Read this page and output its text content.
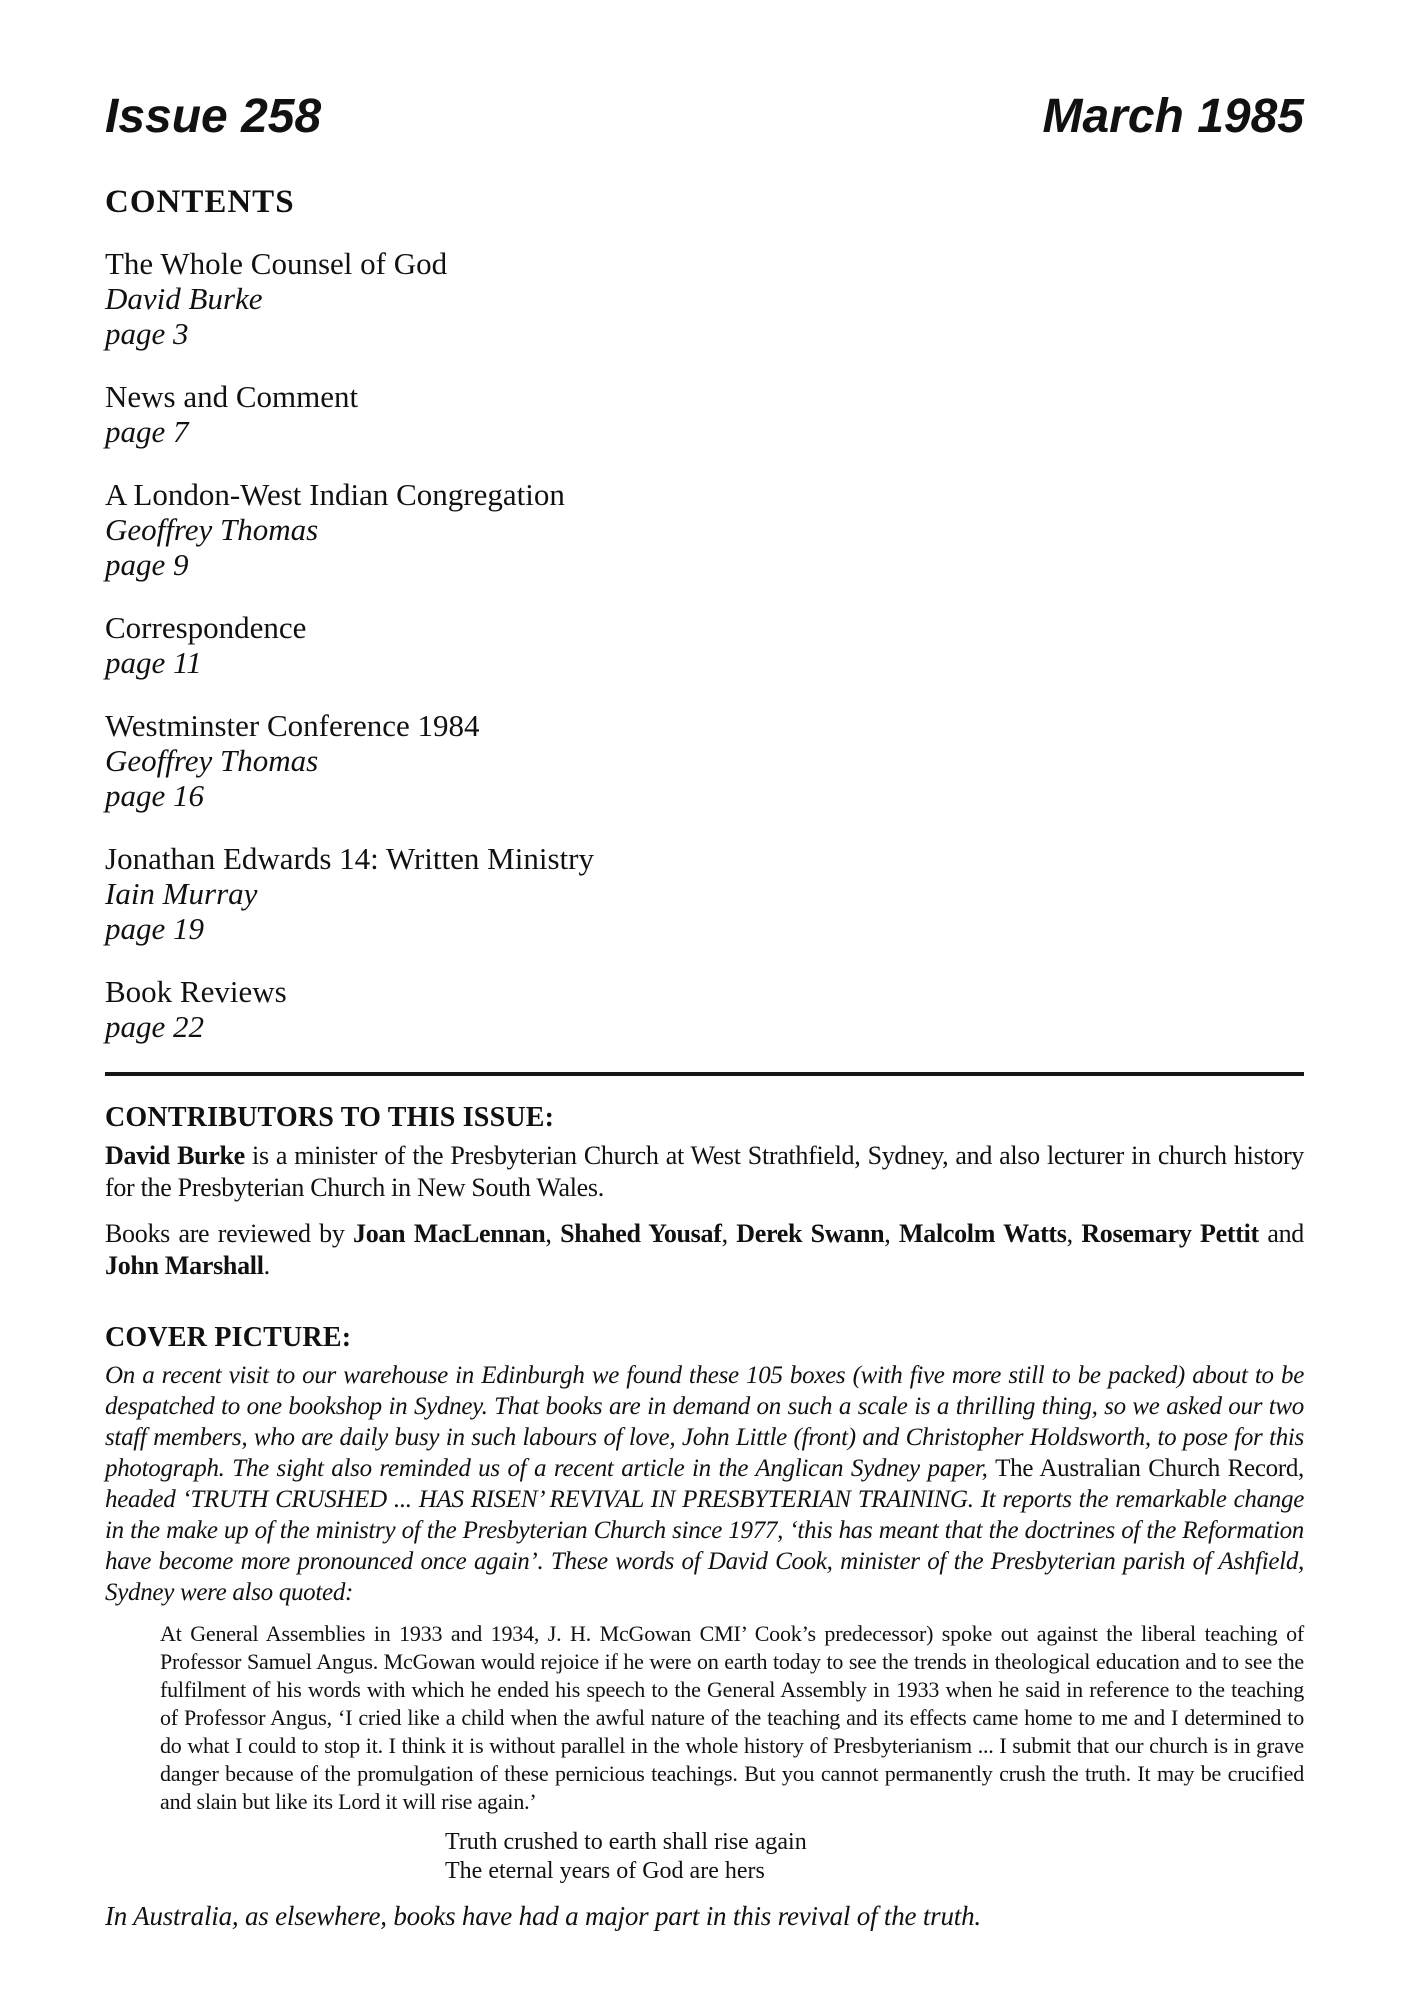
Issue 258	March 1985
CONTENTS
The Whole Counsel of God
David Burke
page 3
News and Comment
page 7
A London-West Indian Congregation
Geoffrey Thomas
page 9
Correspondence
page 11
Westminster Conference 1984
Geoffrey Thomas
page 16
Jonathan Edwards 14: Written Ministry
Iain Murray
page 19
Book Reviews
page 22
CONTRIBUTORS TO THIS ISSUE:
David Burke is a minister of the Presbyterian Church at West Strathfield, Sydney, and also lecturer in church history for the Presbyterian Church in New South Wales.
Books are reviewed by Joan MacLennan, Shahed Yousaf, Derek Swann, Malcolm Watts, Rosemary Pettit and John Marshall.
COVER PICTURE:
On a recent visit to our warehouse in Edinburgh we found these 105 boxes (with five more still to be packed) about to be despatched to one bookshop in Sydney. That books are in demand on such a scale is a thrilling thing, so we asked our two staff members, who are daily busy in such labours of love, John Little (front) and Christopher Holdsworth, to pose for this photograph. The sight also reminded us of a recent article in the Anglican Sydney paper, The Australian Church Record, headed ‘TRUTH CRUSHED ... HAS RISEN’ REVIVAL IN PRESBYTERIAN TRAINING. It reports the remarkable change in the make up of the ministry of the Presbyterian Church since 1977, ‘this has meant that the doctrines of the Reformation have become more pronounced once again’. These words of David Cook, minister of the Presbyterian parish of Ashfield, Sydney were also quoted:
At General Assemblies in 1933 and 1934, J. H. McGowan CMI’ Cook’s predecessor) spoke out against the liberal teaching of Professor Samuel Angus. McGowan would rejoice if he were on earth today to see the trends in theological education and to see the fulfilment of his words with which he ended his speech to the General Assembly in 1933 when he said in reference to the teaching of Professor Angus, ‘I cried like a child when the awful nature of the teaching and its effects came home to me and I determined to do what I could to stop it. I think it is without parallel in the whole history of Presbyterianism ... I submit that our church is in grave danger because of the promulgation of these pernicious teachings. But you cannot permanently crush the truth. It may be crucified and slain but like its Lord it will rise again.’
Truth crushed to earth shall rise again
The eternal years of God are hers
In Australia, as elsewhere, books have had a major part in this revival of the truth.
